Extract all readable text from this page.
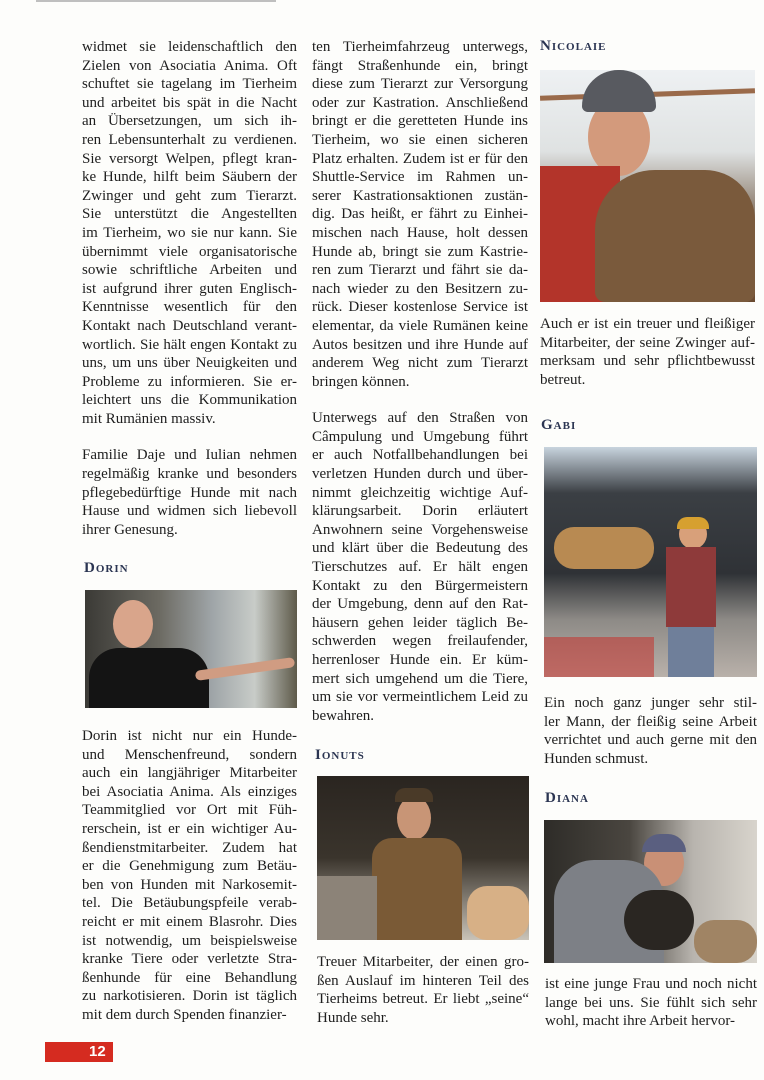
widmet sie leidenschaftlich den
Zielen von Asociatia Anima. Oft
schuftet sie tagelang im Tierheim
und arbeitet bis spät in die Nacht
an Übersetzungen, um sich ih-
ren Lebensunterhalt zu verdienen.
Sie versorgt Welpen, pflegt kran-
ke Hunde, hilft beim Säubern der
Zwinger und geht zum Tierarzt.
Sie unterstützt die Angestellten
im Tierheim, wo sie nur kann. Sie
übernimmt viele organisatorische
sowie schriftliche Arbeiten und
ist aufgrund ihrer guten Englisch-
Kenntnisse wesentlich für den
Kontakt nach Deutschland verant-
wortlich. Sie hält engen Kontakt zu
uns, um uns über Neuigkeiten und
Probleme zu informieren. Sie er-
leichtert uns die Kommunikation
mit Rumänien massiv.
Familie Daje und Iulian nehmen
regelmäßig kranke und besonders
pflegebedürftige Hunde mit nach
Hause und widmen sich liebevoll
ihrer Genesung.
Dorin
Dorin ist nicht nur ein Hunde-
und Menschenfreund, sondern
auch ein langjähriger Mitarbeiter
bei Asociatia Anima. Als einziges
Teammitglied vor Ort mit Füh-
rerschein, ist er ein wichtiger Au-
ßendienstmitarbeiter. Zudem hat
er die Genehmigung zum Betäu-
ben von Hunden mit Narkosemit-
tel. Die Betäubungspfeile verab-
reicht er mit einem Blasrohr. Dies
ist notwendig, um beispielsweise
kranke Tiere oder verletzte Stra-
ßenhunde für eine Behandlung
zu narkotisieren. Dorin ist täglich
mit dem durch Spenden finanzier-
ten Tierheimfahrzeug unterwegs,
fängt Straßenhunde ein, bringt
diese zum Tierarzt zur Versorgung
oder zur Kastration. Anschließend
bringt er die geretteten Hunde ins
Tierheim, wo sie einen sicheren
Platz erhalten. Zudem ist er für den
Shuttle-Service im Rahmen un-
serer Kastrationsaktionen zustän-
dig. Das heißt, er fährt zu Einhei-
mischen nach Hause, holt dessen
Hunde ab, bringt sie zum Kastrie-
ren zum Tierarzt und fährt sie da-
nach wieder zu den Besitzern zu-
rück. Dieser kostenlose Service ist
elementar, da viele Rumänen keine
Autos besitzen und ihre Hunde auf
anderem Weg nicht zum Tierarzt
bringen können.
Unterwegs auf den Straßen von
Câmpulung und Umgebung führt
er auch Notfallbehandlungen bei
verletzen Hunden durch und über-
nimmt gleichzeitig wichtige Auf-
klärungsarbeit. Dorin erläutert
Anwohnern seine Vorgehensweise
und klärt über die Bedeutung des
Tierschutzes auf. Er hält engen
Kontakt zu den Bürgermeistern
der Umgebung, denn auf den Rat-
häusern gehen leider täglich Be-
schwerden wegen freilaufender,
herrenloser Hunde ein. Er küm-
mert sich umgehend um die Tiere,
um sie vor vermeintlichem Leid zu
bewahren.
Ionuts
Treuer Mitarbeiter, der einen gro-
ßen Auslauf im hinteren Teil des
Tierheims betreut. Er liebt „seine“
Hunde sehr.
Nicolaie
Auch er ist ein treuer und fleißiger
Mitarbeiter, der seine Zwinger auf-
merksam und sehr pflichtbewusst
betreut.
Gabi
Ein noch ganz junger sehr stil-
ler Mann, der fleißig seine Arbeit
verrichtet und auch gerne mit den
Hunden schmust.
Diana
ist eine junge Frau und noch nicht
lange bei uns. Sie fühlt sich sehr
wohl, macht ihre Arbeit hervor-
12
